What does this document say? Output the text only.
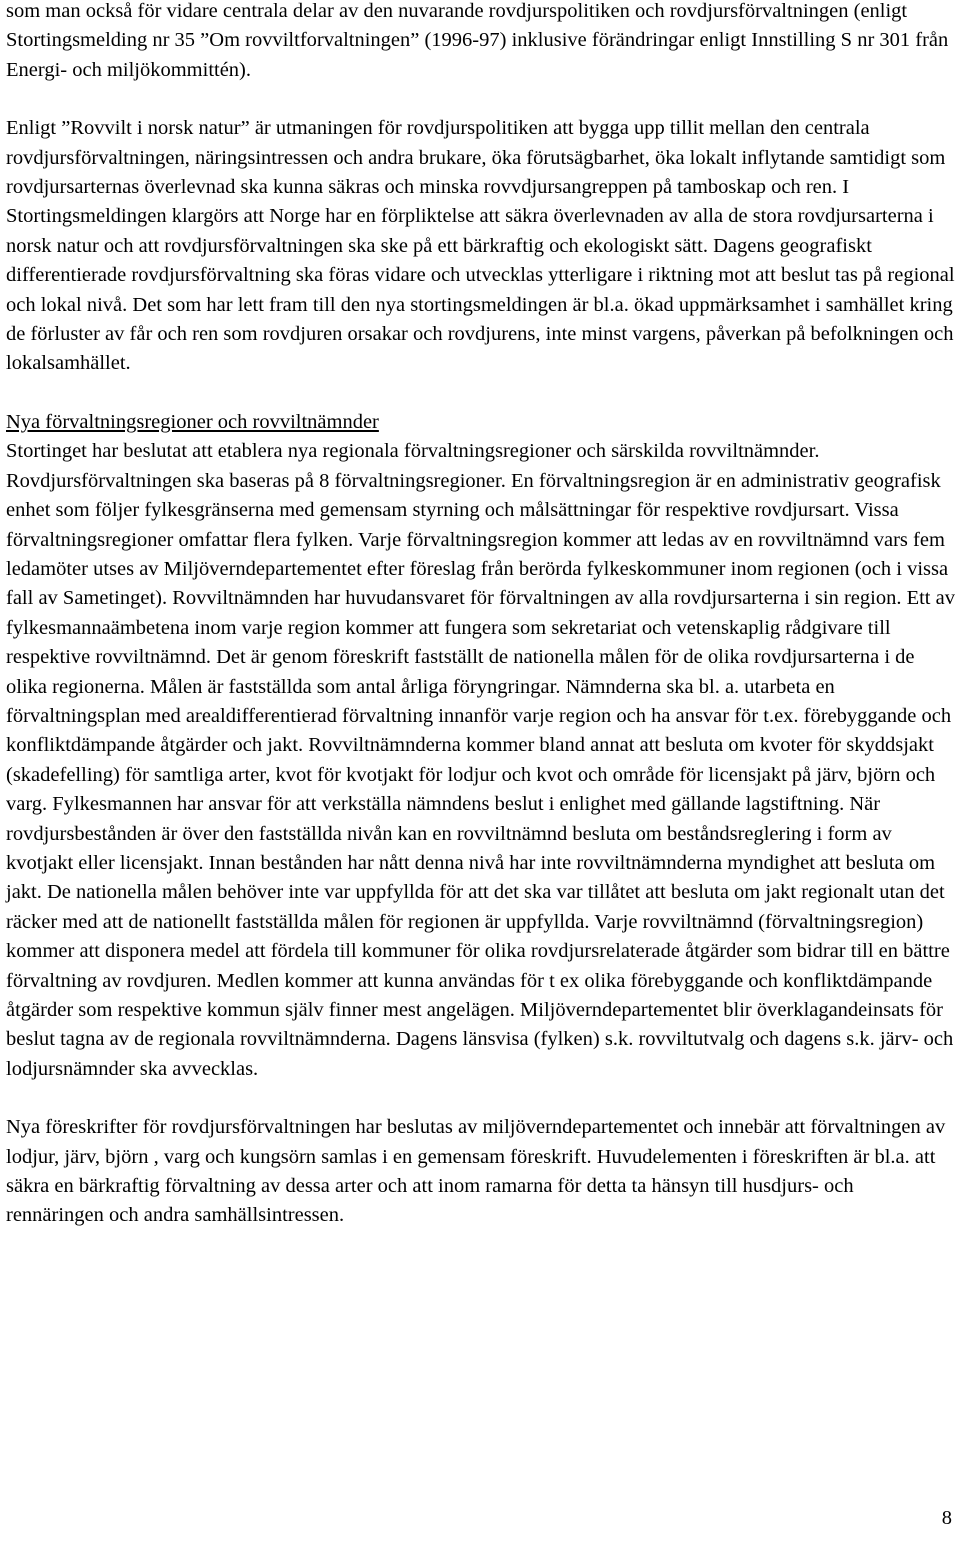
som man också för vidare centrala delar av den nuvarande rovdjurspolitiken och rovdjursförvaltningen (enligt Stortingsmelding nr 35 ”Om rovviltforvaltningen” (1996-97) inklusive förändringar enligt Innstilling S nr 301 från Energi- och miljökommittén).

Enligt ”Rovvilt i norsk natur” är utmaningen för rovdjurspolitiken att bygga upp tillit mellan den centrala rovdjursförvaltningen, näringsintressen och andra brukare, öka förutsägbarhet, öka lokalt inflytande samtidigt som rovdjursarternas överlevnad ska kunna säkras och minska rovvdjursangreppen på tamboskap och ren. I Stortingsmeldingen klargörs att Norge har en förpliktelse att säkra överlevnaden av alla de stora rovdjursarterna i norsk natur och att rovdjursförvaltningen ska ske på ett bärkraftig och ekologiskt sätt. Dagens geografiskt differentierade rovdjursförvaltning ska föras vidare och utvecklas ytterligare i riktning mot att beslut tas på regional och lokal nivå. Det som har lett fram till den nya stortingsmeldingen är bl.a. ökad uppmärksamhet i samhället kring de förluster av får och ren som rovdjuren orsakar och rovdjurens, inte minst vargens, påverkan på befolkningen och lokalsamhället.

Nya förvaltningsregioner och rovviltnämnder

Stortinget har beslutat att etablera nya regionala förvaltningsregioner och särskilda rovviltnämnder. Rovdjursförvaltningen ska baseras på 8 förvaltningsregioner. En förvaltningsregion är en administrativ geografisk enhet som följer fylkesgränserna med gemensam styrning och målsättningar för respektive rovdjursart. Vissa förvaltningsregioner omfattar flera fylken. Varje förvaltningsregion kommer att ledas av en rovviltnämnd vars fem ledamöter utses av Miljöverndepartementet efter föreslag från berörda fylkeskommuner inom regionen (och i vissa fall av Sametinget). Rovviltnämnden har huvudansvaret för förvaltningen av alla rovdjursarterna i sin region. Ett av fylkesmannaämbetena inom varje region kommer att fungera som sekretariat och vetenskaplig rådgivare till respektive rovviltnämnd. Det är genom föreskrift fastställt de nationella målen för de olika rovdjursarterna i de olika regionerna. Målen är fastställda som antal årliga föryngringar. Nämnderna ska bl. a. utarbeta en förvaltningsplan med arealdifferentierad förvaltning innanför varje region och ha ansvar för t.ex. förebyggande och konfliktdämpande åtgärder och jakt. Rovviltnämnderna kommer bland annat att besluta om kvoter för skyddsjakt (skadefelling) för samtliga arter, kvot för kvotjakt för lodjur och kvot och område för licensjakt på järv, björn och varg. Fylkesmannen har ansvar för att verkställa nämndens beslut i enlighet med gällande lagstiftning. När rovdjursbestånden är över den fastställda nivån kan en rovviltnämnd besluta om beståndsreglering i form av kvotjakt eller licensjakt. Innan bestånden har nått denna nivå har inte rovviltnämnderna myndighet att besluta om jakt. De nationella målen behöver inte var uppfyllda för att det ska var tillåtet att besluta om jakt regionalt utan det räcker med att de nationellt fastställda målen för regionen är uppfyllda. Varje rovviltnämnd (förvaltningsregion) kommer att disponera medel att fördela till kommuner för olika rovdjursrelaterade åtgärder som bidrar till en bättre förvaltning av rovdjuren. Medlen kommer att kunna användas för t ex olika förebyggande och konfliktdämpande åtgärder som respektive kommun själv finner mest angelägen. Miljöverndepartementet blir överklagandeinsats för beslut tagna av de regionala rovviltnämnderna. Dagens länsvisa (fylken) s.k. rovviltutvalg och dagens s.k. järv- och lodjursnämnder ska avvecklas.

Nya föreskrifter för rovdjursförvaltningen har beslutas av miljöverndepartementet och innebär att förvaltningen av lodjur, järv, björn , varg och kungsörn samlas i en gemensam föreskrift. Huvudelementen i föreskriften är bl.a. att säkra en bärkraftig förvaltning av dessa arter och att inom ramarna för detta ta hänsyn till husdjurs- och rennäringen och andra samhällsintressen.

8
